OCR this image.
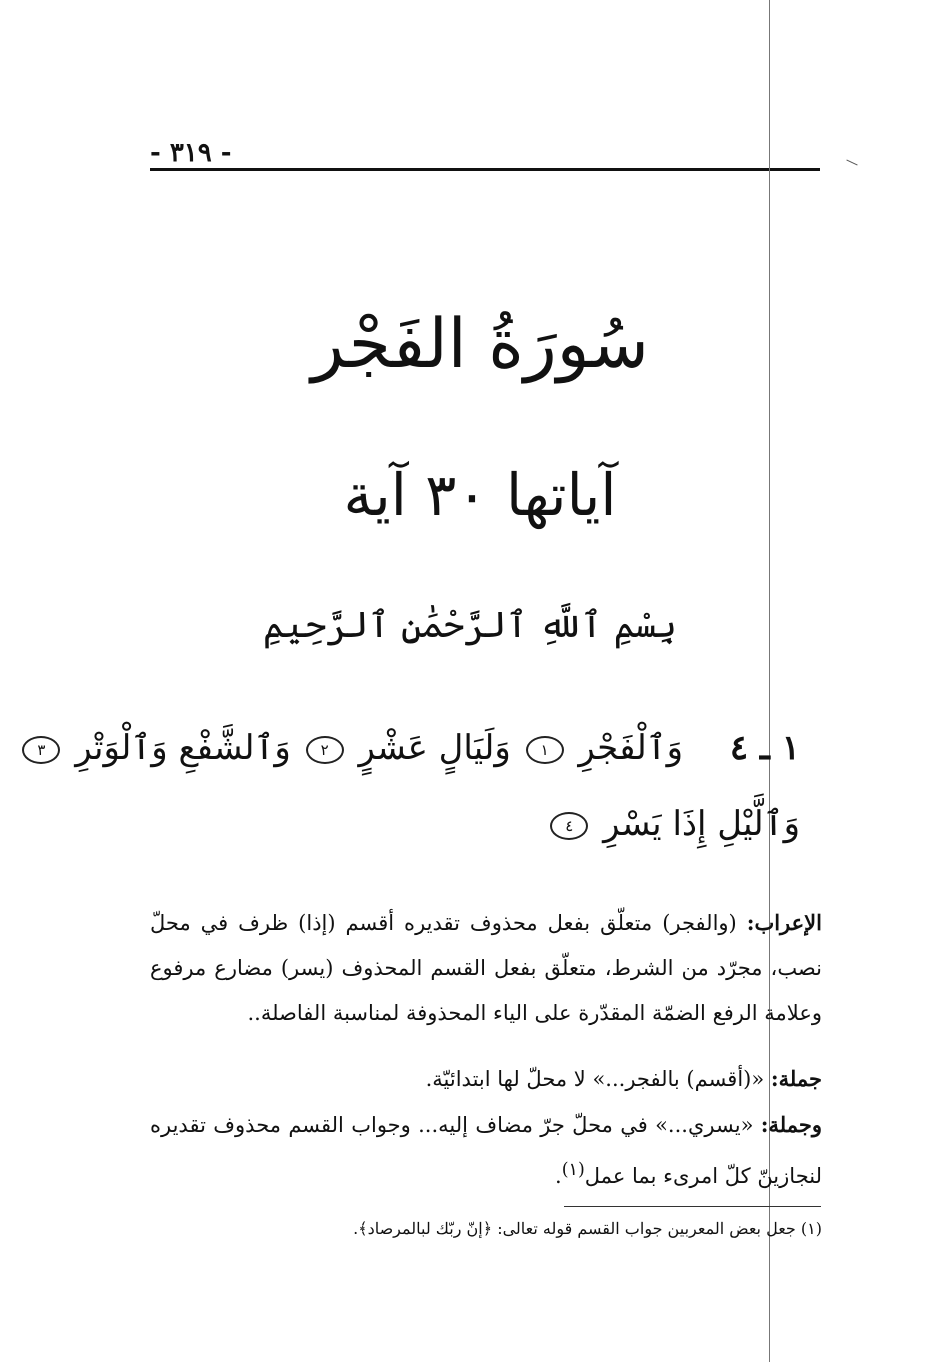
- ٣١٩ -
سُورَةُ الفَجْر
آياتها ٣٠ آية
بِسْمِ ٱللَّهِ ٱلرَّحْمَٰنِ ٱلرَّحِيمِ
١ ـ ٤ وَٱلْفَجْرِ ١ وَلَيَالٍ عَشْرٍ ٢ وَٱلشَّفْعِ وَٱلْوَتْرِ ٣
وَٱلَّيْلِ إِذَا يَسْرِ ٤
الإعراب: (والفجر) متعلّق بفعل محذوف تقديره أقسم (إذا) ظرف في محلّ نصب، مجرّد من الشرط، متعلّق بفعل القسم المحذوف (يسر) مضارع مرفوع وعلامة الرفع الضمّة المقدّرة على الياء المحذوفة لمناسبة الفاصلة..
جملة: «(أقسم) بالفجر...» لا محلّ لها ابتدائيّة.
وجملة: «يسري...» في محلّ جرّ مضاف إليه... وجواب القسم محذوف تقديره لنجازينّ كلّ امرىء بما عمل$^{(١)}$.
(١) جعل بعض المعربين جواب القسم قوله تعالى: ﴿إنّ ربّك لبالمرصاد﴾.
